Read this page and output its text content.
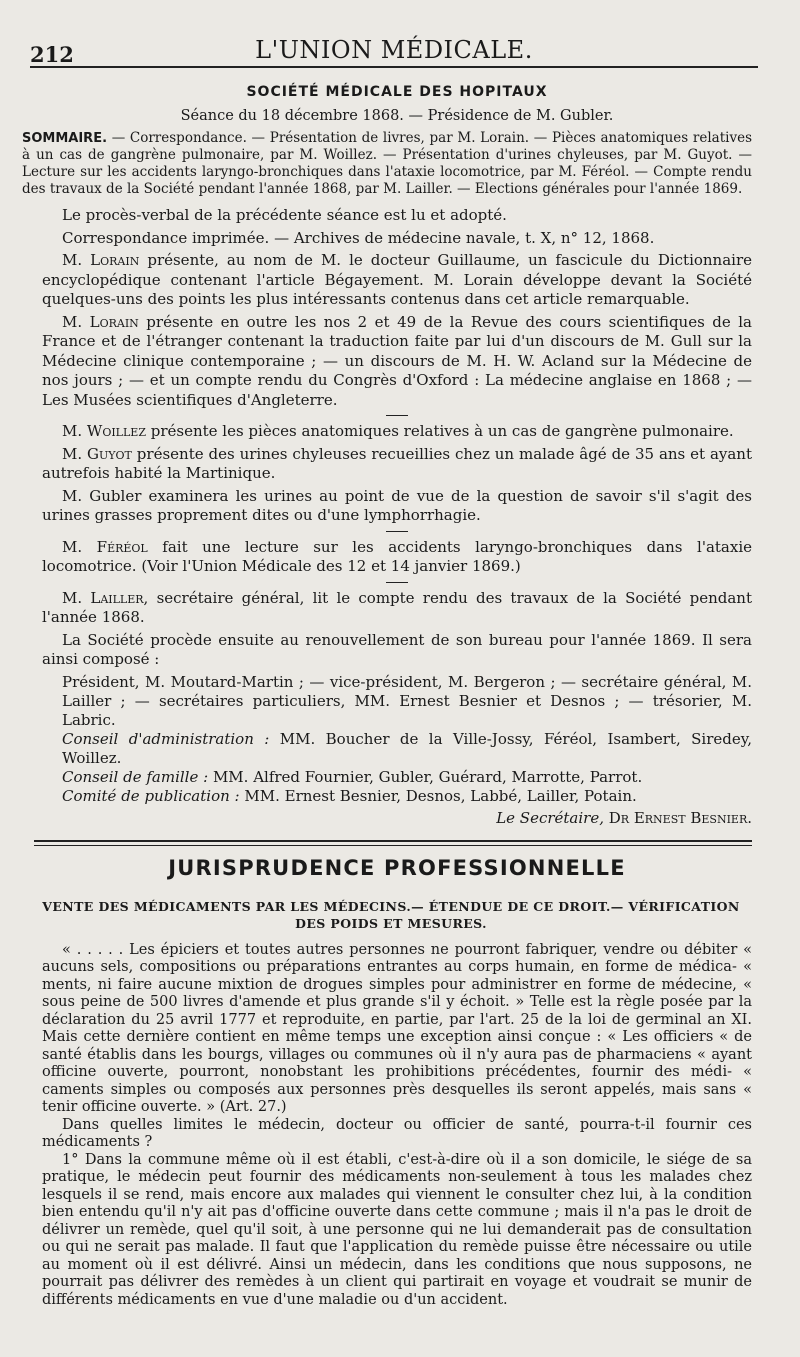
212	L'UNION MÉDICALE.

SOCIÉTÉ MÉDICALE DES HOPITAUX

Séance du 18 décembre 1868. — Présidence de M. Gubler.

SOMMAIRE. — Correspondance. — Présentation de livres, par M. Lorain. — Pièces anatomiques relatives à un cas de gangrène pulmonaire, par M. Woillez. — Présentation d'urines chyleuses, par M. Guyot. — Lecture sur les accidents laryngo-bronchiques dans l'ataxie locomotrice, par M. Féréol. — Compte rendu des travaux de la Société pendant l'année 1868, par M. Lailler. — Elections générales pour l'année 1869.

Le procès-verbal de la précédente séance est lu et adopté.

Correspondance imprimée. — Archives de médecine navale, t. X, n° 12, 1868.

M. Lorain présente, au nom de M. le docteur Guillaume, un fascicule du Dictionnaire encyclopédique contenant l'article Bégayement. M. Lorain développe devant la Société quelques-uns des points les plus intéressants contenus dans cet article remarquable.

M. Lorain présente en outre les nos 2 et 49 de la Revue des cours scientifiques de la France et de l'étranger contenant la traduction faite par lui d'un discours de M. Gull sur la Médecine clinique contemporaine ; — un discours de M. H. W. Acland sur la Médecine de nos jours ; — et un compte rendu du Congrès d'Oxford : La médecine anglaise en 1868 ; — Les Musées scientifiques d'Angleterre.

M. Woillez présente les pièces anatomiques relatives à un cas de gangrène pulmonaire.

M. Guyot présente des urines chyleuses recueillies chez un malade âgé de 35 ans et ayant autrefois habité la Martinique.

M. Gubler examinera les urines au point de vue de la question de savoir s'il s'agit des urines grasses proprement dites ou d'une lymphorrhagie.

M. Féréol fait une lecture sur les accidents laryngo-bronchiques dans l'ataxie locomotrice. (Voir l'Union Médicale des 12 et 14 janvier 1869.)

M. Lailler, secrétaire général, lit le compte rendu des travaux de la Société pendant l'année 1868.

La Société procède ensuite au renouvellement de son bureau pour l'année 1869. Il sera ainsi composé :

Président, M. Moutard-Martin ; — vice-président, M. Bergeron ; — secrétaire général, M. Lailler ; — secrétaires particuliers, MM. Ernest Besnier et Desnos ; — trésorier, M. Labric.

Conseil d'administration : MM. Boucher de la Ville-Jossy, Féréol, Isambert, Siredey, Woillez.

Conseil de famille : MM. Alfred Fournier, Gubler, Guérard, Marrotte, Parrot.

Comité de publication : MM. Ernest Besnier, Desnos, Labbé, Lailler, Potain.

Le Secrétaire, Dr Ernest Besnier.

JURISPRUDENCE PROFESSIONNELLE

VENTE DES MÉDICAMENTS PAR LES MÉDECINS.— ÉTENDUE DE CE DROIT.— VÉRIFICATION DES POIDS ET MESURES.

« . . . . . Les épiciers et toutes autres personnes ne pourront fabriquer, vendre ou débiter « aucuns sels, compositions ou préparations entrantes au corps humain, en forme de médica- « ments, ni faire aucune mixtion de drogues simples pour administrer en forme de médecine, « sous peine de 500 livres d'amende et plus grande s'il y échoit. » Telle est la règle posée par la déclaration du 25 avril 1777 et reproduite, en partie, par l'art. 25 de la loi de germinal an XI. Mais cette dernière contient en même temps une exception ainsi conçue : « Les officiers « de santé établis dans les bourgs, villages ou communes où il n'y aura pas de pharmaciens « ayant officine ouverte, pourront, nonobstant les prohibitions précédentes, fournir des médi- « caments simples ou composés aux personnes près desquelles ils seront appelés, mais sans « tenir officine ouverte. » (Art. 27.)

Dans quelles limites le médecin, docteur ou officier de santé, pourra-t-il fournir ces médicaments ?

1° Dans la commune même où il est établi, c'est-à-dire où il a son domicile, le siége de sa pratique, le médecin peut fournir des médicaments non-seulement à tous les malades chez lesquels il se rend, mais encore aux malades qui viennent le consulter chez lui, à la condition bien entendu qu'il n'y ait pas d'officine ouverte dans cette commune ; mais il n'a pas le droit de délivrer un remède, quel qu'il soit, à une personne qui ne lui demanderait pas de consultation ou qui ne serait pas malade. Il faut que l'application du remède puisse être nécessaire ou utile au moment où il est délivré. Ainsi un médecin, dans les conditions que nous supposons, ne pourrait pas délivrer des remèdes à un client qui partirait en voyage et voudrait se munir de différents médicaments en vue d'une maladie ou d'un accident.
